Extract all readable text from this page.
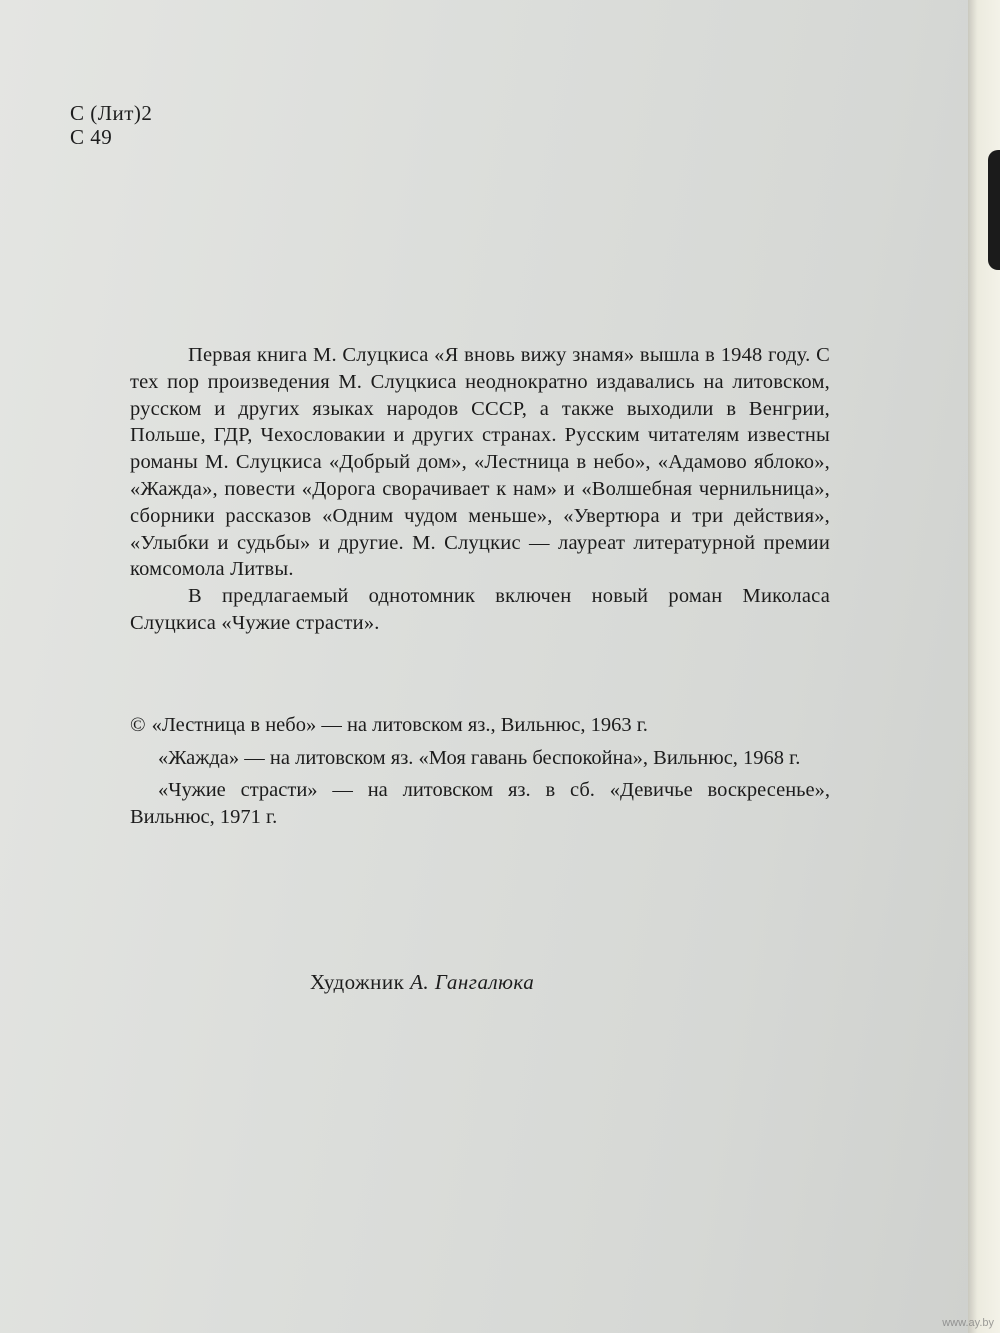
С (Лит)2
С 49

Первая книга М. Слуцкиса «Я вновь вижу знамя» вышла в 1948 году. С тех пор произведения М. Слуцкиса неоднократно издавались на литовском, русском и других языках народов СССР, а также выходили в Венгрии, Польше, ГДР, Чехословакии и других странах. Русским читателям известны романы М. Слуцкиса «Добрый дом», «Лестница в небо», «Адамово яблоко», «Жажда», повести «Дорога сворачивает к нам» и «Волшебная чернильница», сборники рассказов «Одним чудом меньше», «Увертюра и три действия», «Улыбки и судьбы» и другие. М. Слуцкис — лауреат литературной премии комсомола Литвы.

В предлагаемый однотомник включен новый роман Миколаса Слуцкиса «Чужие страсти».

© «Лестница в небо» — на литовском яз., Вильнюс, 1963 г.

«Жажда» — на литовском яз. «Моя гавань беспокойна», Вильнюс, 1968 г.

«Чужие страсти» — на литовском яз. в сб. «Девичье воскресенье», Вильнюс, 1971 г.

Художник А. Гангалюка
www.ay.by
